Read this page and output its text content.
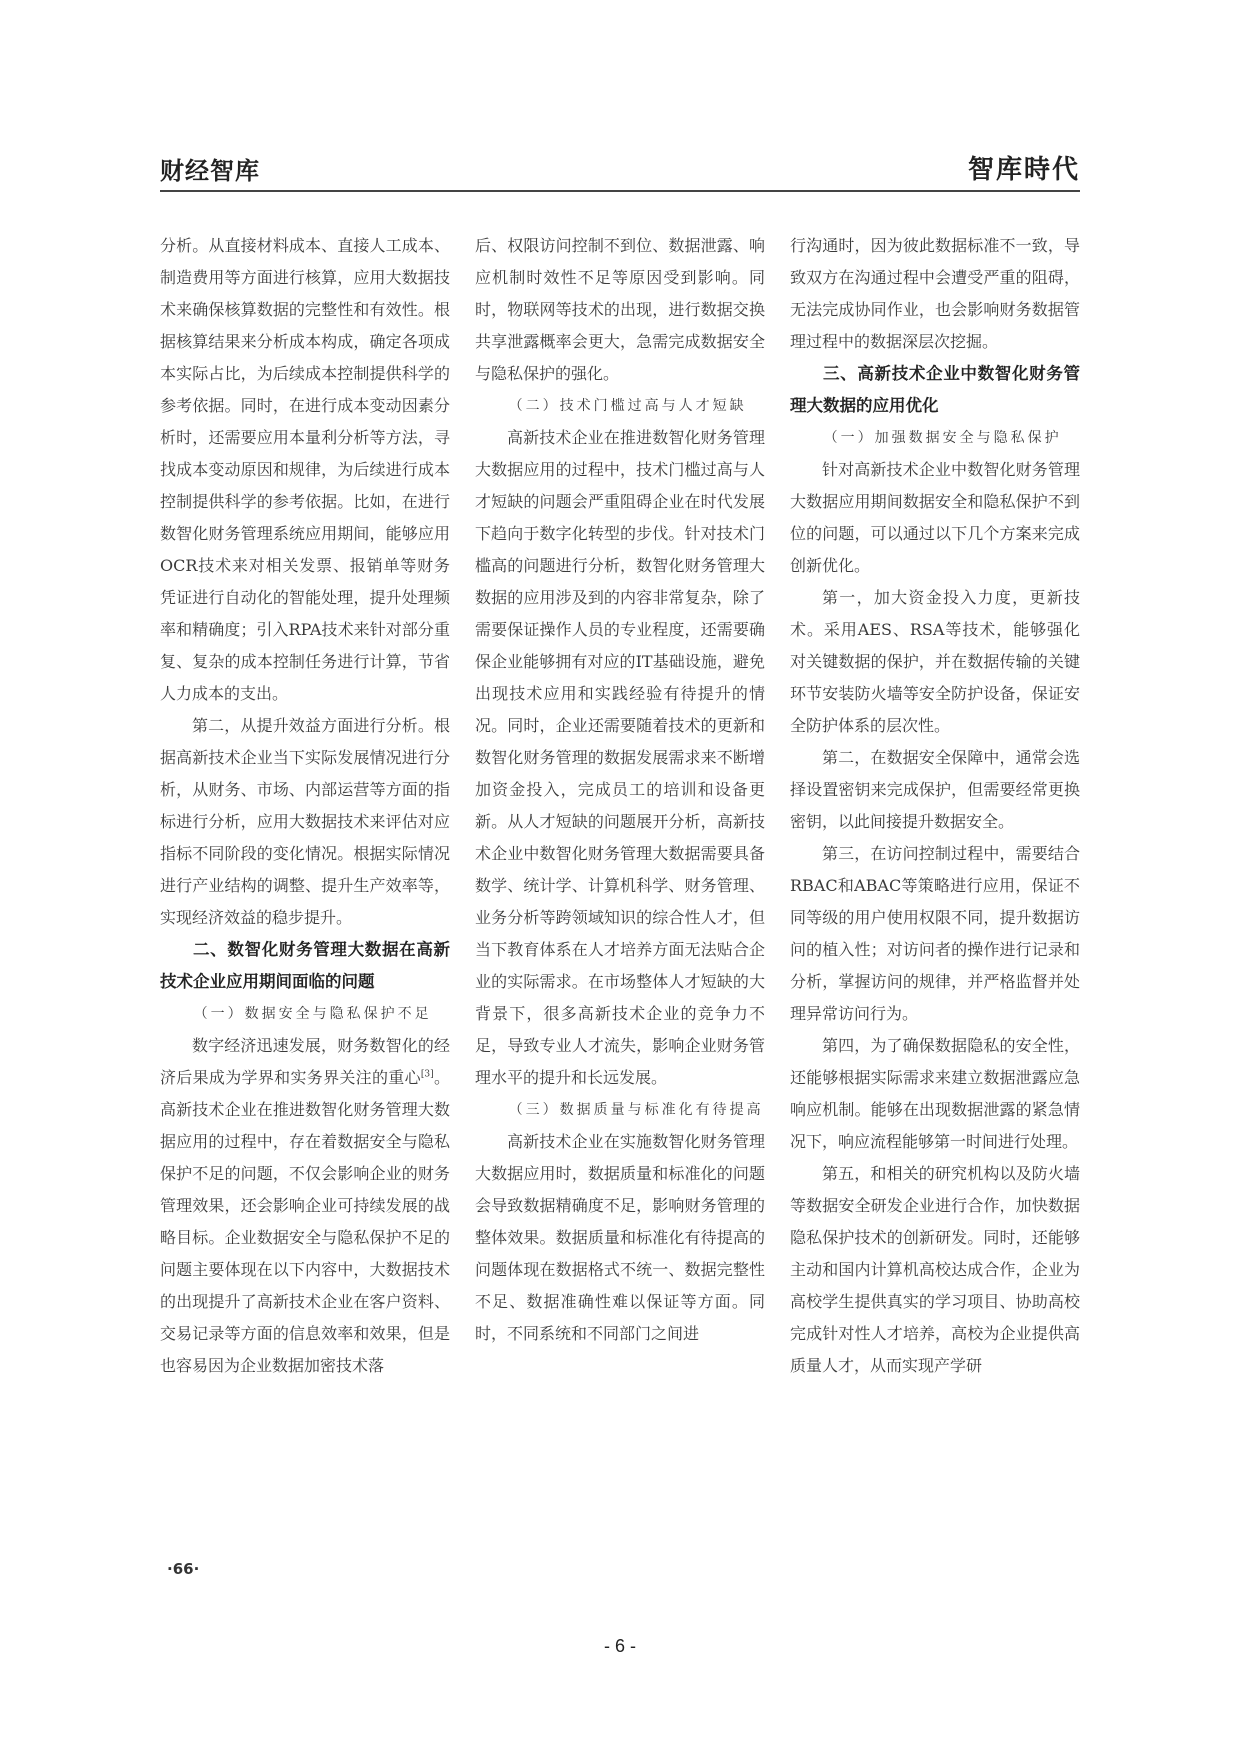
财经智库	智库時代

分析。从直接材料成本、直接人工成本、制造费用等方面进行核算，应用大数据技术来确保核算数据的完整性和有效性。根据核算结果来分析成本构成，确定各项成本实际占比，为后续成本控制提供科学的参考依据。同时，在进行成本变动因素分析时，还需要应用本量利分析等方法，寻找成本变动原因和规律，为后续进行成本控制提供科学的参考依据。比如，在进行数智化财务管理系统应用期间，能够应用OCR技术来对相关发票、报销单等财务凭证进行自动化的智能处理，提升处理频率和精确度；引入RPA技术来针对部分重复、复杂的成本控制任务进行计算，节省人力成本的支出。

第二，从提升效益方面进行分析。根据高新技术企业当下实际发展情况进行分析，从财务、市场、内部运营等方面的指标进行分析，应用大数据技术来评估对应指标不同阶段的变化情况。根据实际情况进行产业结构的调整、提升生产效率等，实现经济效益的稳步提升。

二、数智化财务管理大数据在高新技术企业应用期间面临的问题
（一）数据安全与隐私保护不足

数字经济迅速发展，财务数智化的经济后果成为学界和实务界关注的重心[3]。高新技术企业在推进数智化财务管理大数据应用的过程中，存在着数据安全与隐私保护不足的问题，不仅会影响企业的财务管理效果，还会影响企业可持续发展的战略目标。企业数据安全与隐私保护不足的问题主要体现在以下内容中，大数据技术的出现提升了高新技术企业在客户资料、交易记录等方面的信息效率和效果，但是也容易因为企业数据加密技术落

后、权限访问控制不到位、数据泄露、响应机制时效性不足等原因受到影响。同时，物联网等技术的出现，进行数据交换共享泄露概率会更大，急需完成数据安全与隐私保护的强化。

（二）技术门槛过高与人才短缺

高新技术企业在推进数智化财务管理大数据应用的过程中，技术门槛过高与人才短缺的问题会严重阻碍企业在时代发展下趋向于数字化转型的步伐。针对技术门槛高的问题进行分析，数智化财务管理大数据的应用涉及到的内容非常复杂，除了需要保证操作人员的专业程度，还需要确保企业能够拥有对应的IT基础设施，避免出现技术应用和实践经验有待提升的情况。同时，企业还需要随着技术的更新和数智化财务管理的数据发展需求来不断增加资金投入，完成员工的培训和设备更新。从人才短缺的问题展开分析，高新技术企业中数智化财务管理大数据需要具备数学、统计学、计算机科学、财务管理、业务分析等跨领域知识的综合性人才，但当下教育体系在人才培养方面无法贴合企业的实际需求。在市场整体人才短缺的大背景下，很多高新技术企业的竞争力不足，导致专业人才流失，影响企业财务管理水平的提升和长远发展。

（三）数据质量与标准化有待提高

高新技术企业在实施数智化财务管理大数据应用时，数据质量和标准化的问题会导致数据精确度不足，影响财务管理的整体效果。数据质量和标准化有待提高的问题体现在数据格式不统一、数据完整性不足、数据准确性难以保证等方面。同时，不同系统和不同部门之间进

行沟通时，因为彼此数据标准不一致，导致双方在沟通过程中会遭受严重的阻碍，无法完成协同作业，也会影响财务数据管理过程中的数据深层次挖掘。

三、高新技术企业中数智化财务管理大数据的应用优化
（一）加强数据安全与隐私保护

针对高新技术企业中数智化财务管理大数据应用期间数据安全和隐私保护不到位的问题，可以通过以下几个方案来完成创新优化。

第一，加大资金投入力度，更新技术。采用AES、RSA等技术，能够强化对关键数据的保护，并在数据传输的关键环节安装防火墙等安全防护设备，保证安全防护体系的层次性。

第二，在数据安全保障中，通常会选择设置密钥来完成保护，但需要经常更换密钥，以此间接提升数据安全。

第三，在访问控制过程中，需要结合RBAC和ABAC等策略进行应用，保证不同等级的用户使用权限不同，提升数据访问的植入性；对访问者的操作进行记录和分析，掌握访问的规律，并严格监督并处理异常访问行为。

第四，为了确保数据隐私的安全性，还能够根据实际需求来建立数据泄露应急响应机制。能够在出现数据泄露的紧急情况下，响应流程能够第一时间进行处理。

第五，和相关的研究机构以及防火墙等数据安全研发企业进行合作，加快数据隐私保护技术的创新研发。同时，还能够主动和国内计算机高校达成合作，企业为高校学生提供真实的学习项目、协助高校完成针对性人才培养，高校为企业提供高质量人才，从而实现产学研

·66·
- 6 -
